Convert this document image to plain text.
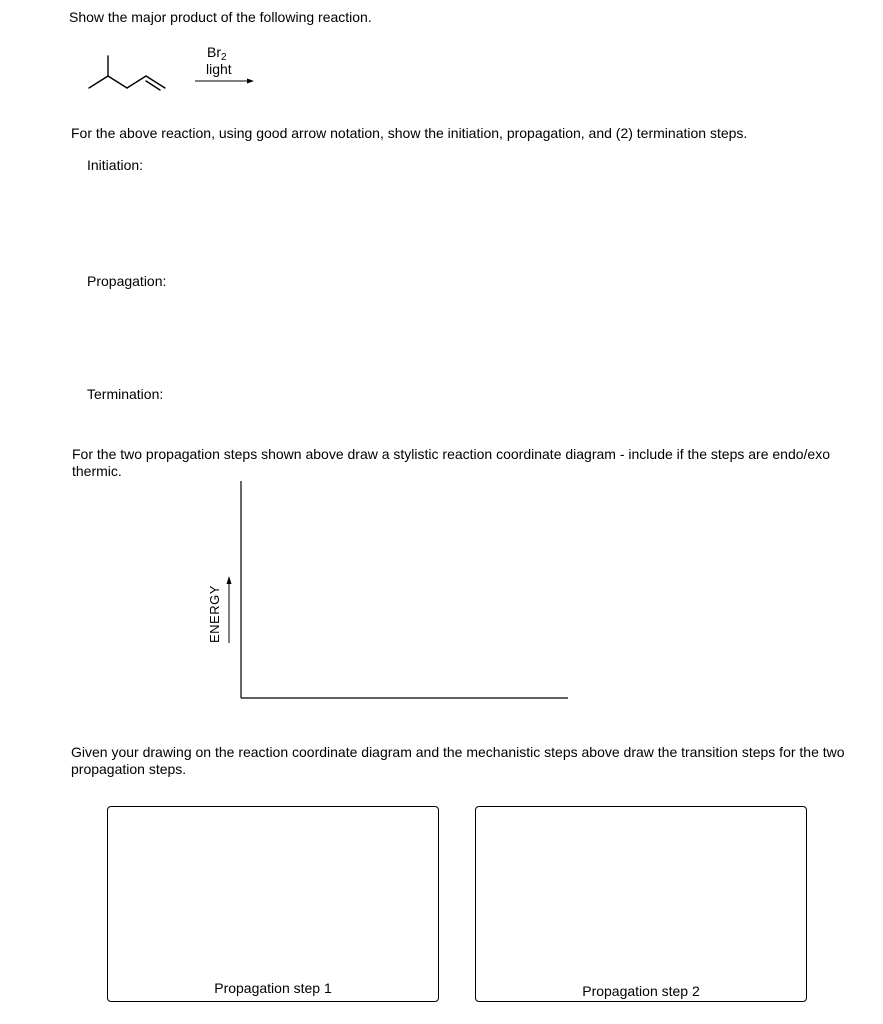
Show the major product of the following reaction.
$Br_2$
light
For the above reaction, using good arrow notation, show the initiation, propagation, and (2) termination steps.
Initiation:
Propagation:
Termination:
For the two propagation steps shown above draw a stylistic reaction coordinate diagram - include if the steps are endo/exo thermic.
ENERGY
Given your drawing on the reaction coordinate diagram and the mechanistic steps above draw the transition steps for the two propagation steps.
Propagation step 1	Propagation step 2
